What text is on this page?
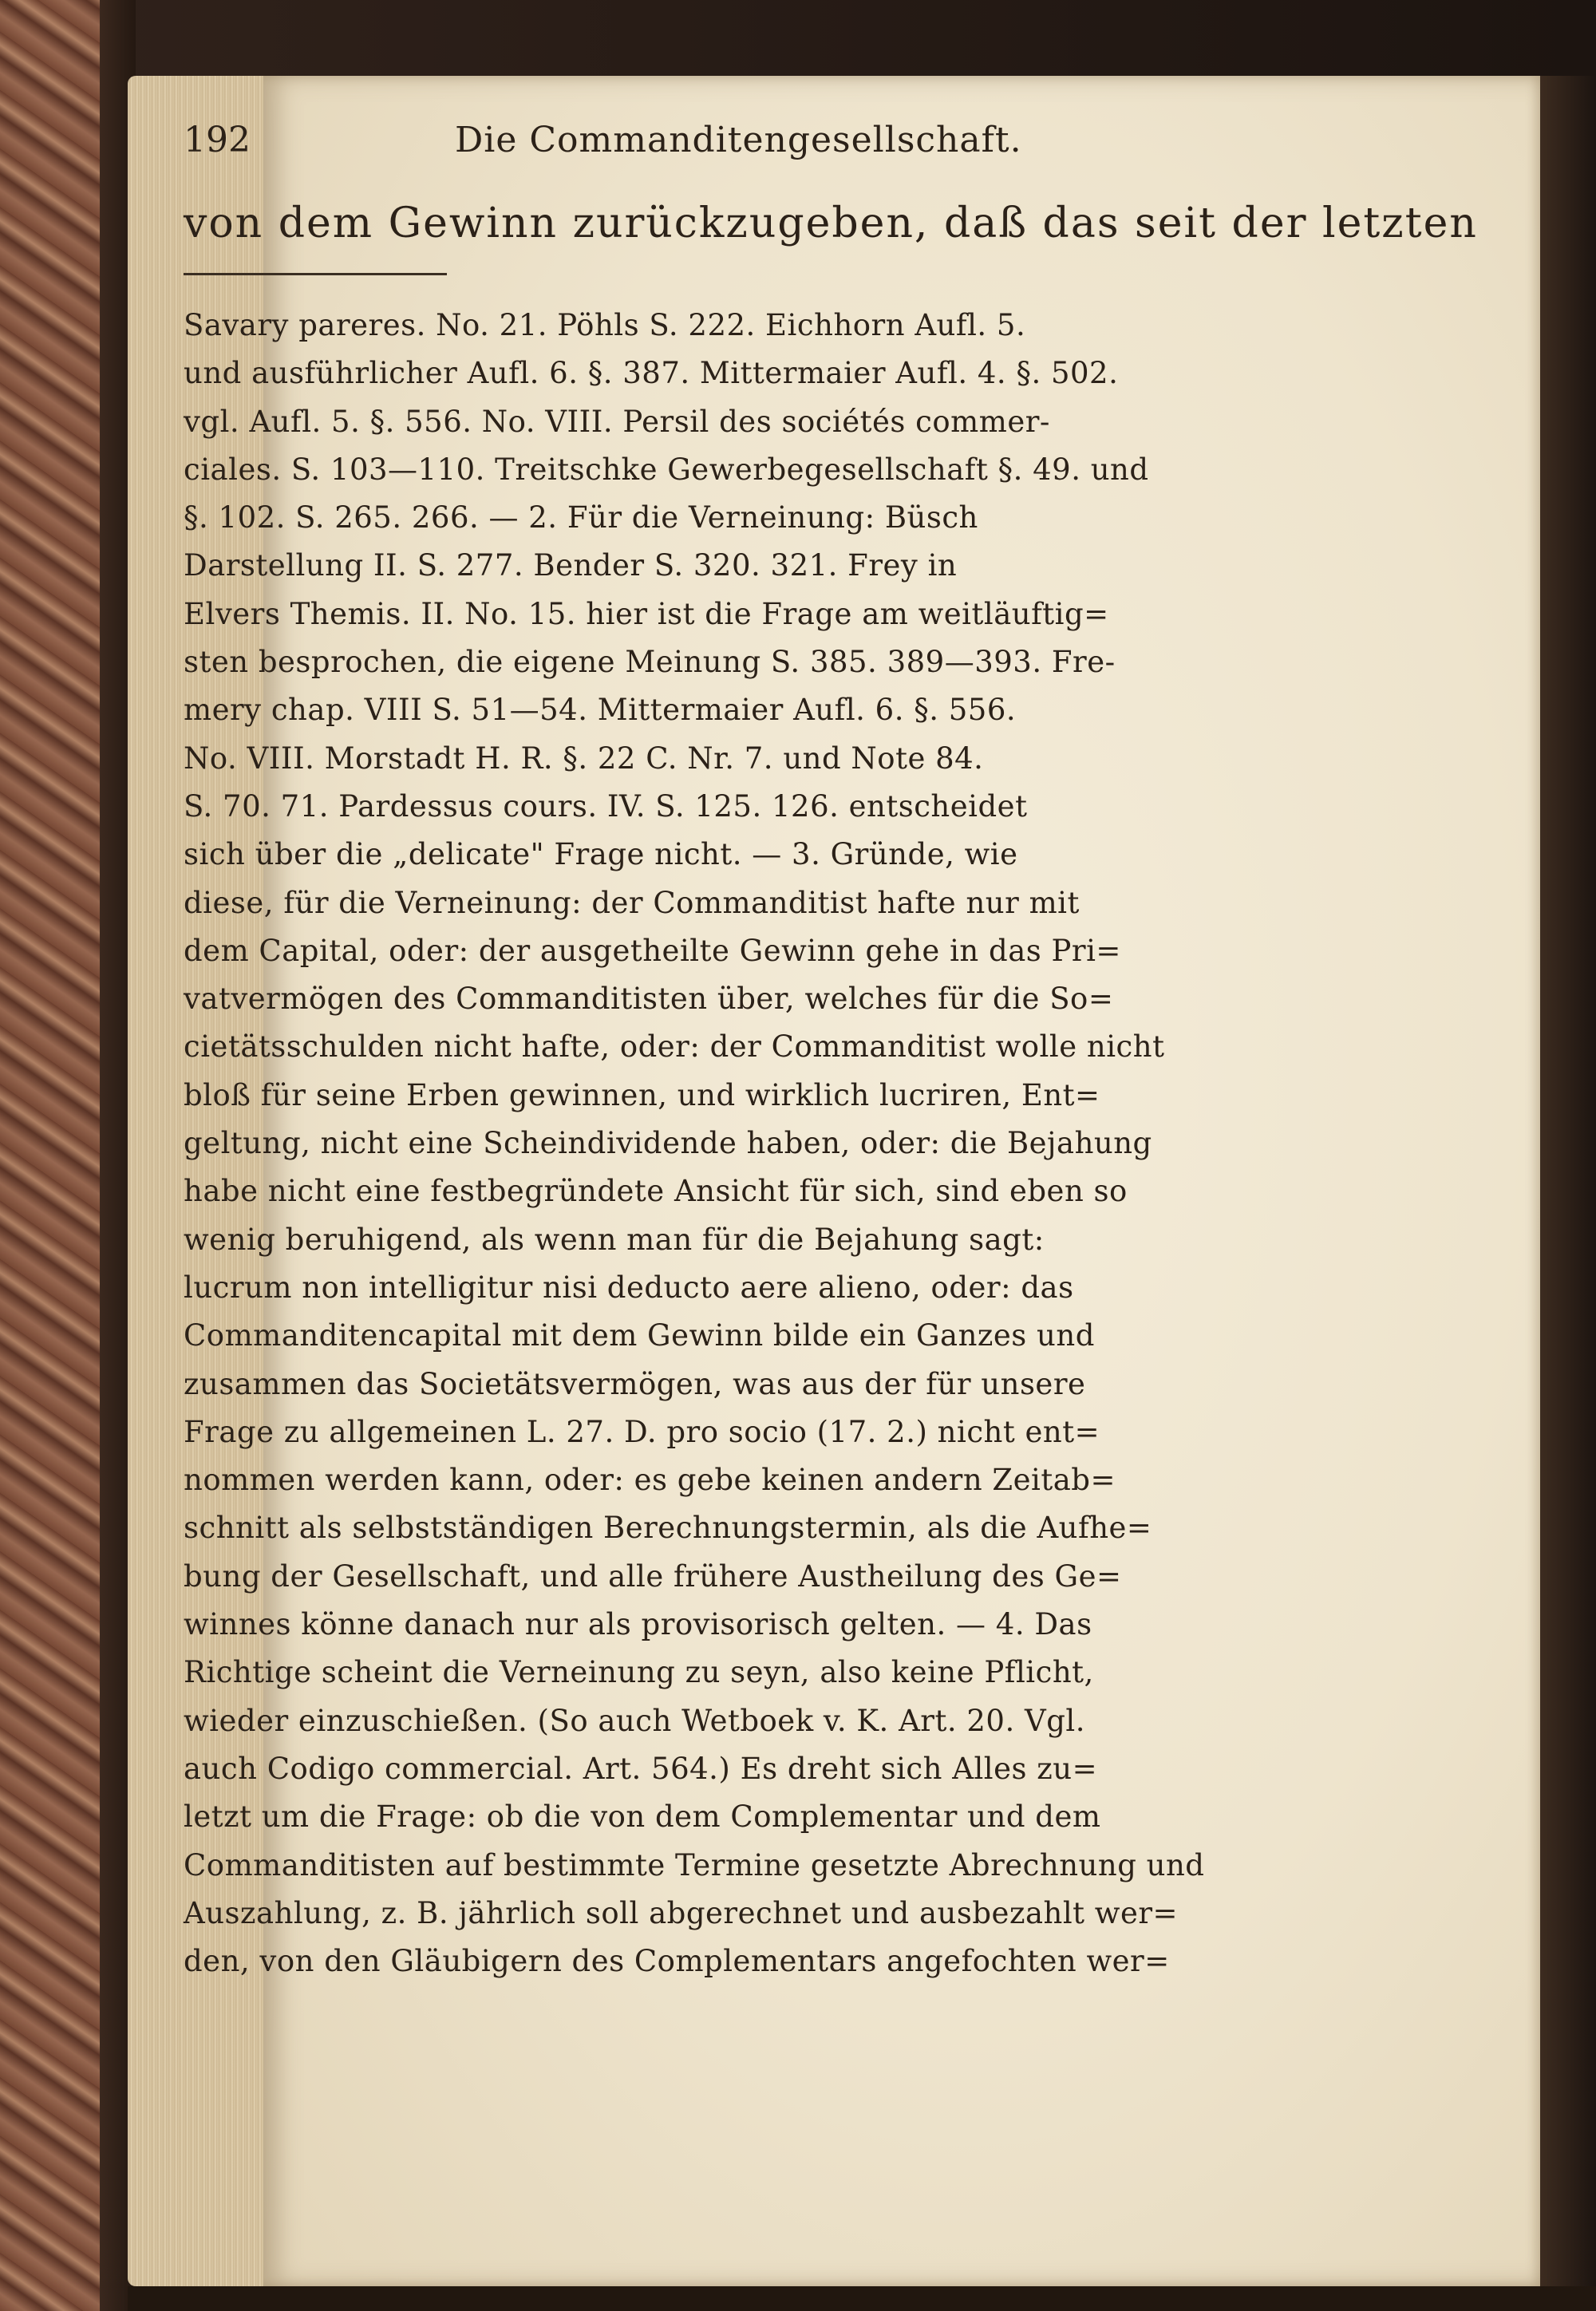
192	Die Commanditengesellschaft.
von dem Gewinn zurückzugeben, daß das seit der letzten
Savary pareres. No. 21. Pöhls S. 222. Eichhorn Aufl. 5.
und ausführlicher Aufl. 6. §. 387. Mittermaier Aufl. 4. §. 502.
vgl. Aufl. 5. §. 556. No. VIII. Persil des sociétés commer-
ciales. S. 103—110. Treitschke Gewerbegesellschaft §. 49. und
§. 102. S. 265. 266. — 2. Für die Verneinung: Büsch
Darstellung II. S. 277. Bender S. 320. 321. Frey in
Elvers Themis. II. No. 15. hier ist die Frage am weitläuftig=
sten besprochen, die eigene Meinung S. 385. 389—393. Fre-
mery chap. VIII S. 51—54. Mittermaier Aufl. 6. §. 556.
No. VIII. Morstadt H. R. §. 22 C. Nr. 7. und Note 84.
S. 70. 71. Pardessus cours. IV. S. 125. 126. entscheidet
sich über die „delicate" Frage nicht. — 3. Gründe, wie
diese, für die Verneinung: der Commanditist hafte nur mit
dem Capital, oder: der ausgetheilte Gewinn gehe in das Pri=
vatvermögen des Commanditisten über, welches für die So=
cietätsschulden nicht hafte, oder: der Commanditist wolle nicht
bloß für seine Erben gewinnen, und wirklich lucriren, Ent=
geltung, nicht eine Scheindividende haben, oder: die Bejahung
habe nicht eine festbegründete Ansicht für sich, sind eben so
wenig beruhigend, als wenn man für die Bejahung sagt:
lucrum non intelligitur nisi deducto aere alieno, oder: das
Commanditencapital mit dem Gewinn bilde ein Ganzes und
zusammen das Societätsvermögen, was aus der für unsere
Frage zu allgemeinen L. 27. D. pro socio (17. 2.) nicht ent=
nommen werden kann, oder: es gebe keinen andern Zeitab=
schnitt als selbstständigen Berechnungstermin, als die Aufhe=
bung der Gesellschaft, und alle frühere Austheilung des Ge=
winnes könne danach nur als provisorisch gelten. — 4. Das
Richtige scheint die Verneinung zu seyn, also keine Pflicht,
wieder einzuschießen. (So auch Wetboek v. K. Art. 20. Vgl.
auch Codigo commercial. Art. 564.) Es dreht sich Alles zu=
letzt um die Frage: ob die von dem Complementar und dem
Commanditisten auf bestimmte Termine gesetzte Abrechnung und
Auszahlung, z. B. jährlich soll abgerechnet und ausbezahlt wer=
den, von den Gläubigern des Complementars angefochten wer=
